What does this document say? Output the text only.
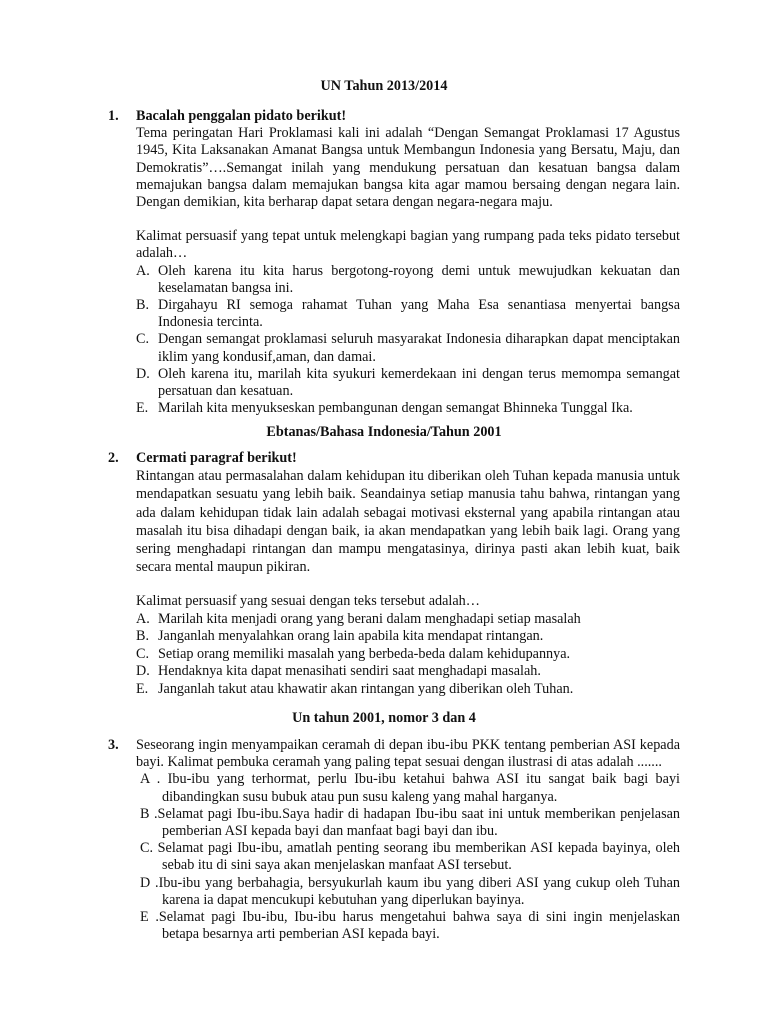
UN Tahun 2013/2014
1.	Bacalah penggalan pidato berikut!
Tema peringatan Hari Proklamasi kali ini adalah “Dengan Semangat Proklamasi 17 Agustus 1945, Kita Laksanakan Amanat Bangsa untuk Membangun Indonesia yang Bersatu, Maju, dan Demokratis”….Semangat inilah yang mendukung persatuan dan kesatuan bangsa dalam memajukan bangsa dalam memajukan bangsa kita agar mamou bersaing dengan negara lain. Dengan demikian, kita berharap dapat setara dengan negara-negara maju.
Kalimat persuasif yang tepat untuk melengkapi bagian yang rumpang pada teks pidato tersebut adalah…
A. Oleh karena itu kita harus bergotong-royong demi untuk mewujudkan kekuatan dan keselamatan bangsa ini.
B. Dirgahayu RI semoga rahamat Tuhan yang Maha Esa senantiasa menyertai bangsa Indonesia tercinta.
C. Dengan semangat proklamasi seluruh masyarakat Indonesia diharapkan dapat menciptakan iklim yang kondusif,aman, dan damai.
D. Oleh karena itu, marilah kita syukuri kemerdekaan ini dengan terus memompa semangat persatuan dan kesatuan.
E. Marilah kita menyukseskan pembangunan dengan semangat Bhinneka Tunggal Ika.
Ebtanas/Bahasa Indonesia/Tahun 2001
2.	Cermati paragraf berikut!
Rintangan atau permasalahan dalam kehidupan itu diberikan oleh Tuhan kepada manusia untuk mendapatkan sesuatu yang lebih baik. Seandainya setiap manusia tahu bahwa, rintangan yang ada dalam kehidupan tidak lain adalah sebagai motivasi eksternal yang apabila rintangan atau masalah itu bisa dihadapi dengan baik, ia akan mendapatkan yang lebih baik lagi. Orang yang sering menghadapi rintangan dan mampu mengatasinya, dirinya pasti akan lebih kuat, baik secara mental maupun pikiran.
Kalimat persuasif yang sesuai dengan teks tersebut adalah…
A. Marilah kita menjadi orang yang berani dalam menghadapi setiap masalah
B. Janganlah menyalahkan orang lain apabila kita mendapat rintangan.
C. Setiap orang memiliki masalah yang berbeda-beda dalam kehidupannya.
D. Hendaknya kita dapat menasihati sendiri saat menghadapi masalah.
E. Janganlah takut atau khawatir akan rintangan yang diberikan oleh Tuhan.
Un tahun 2001, nomor 3 dan 4
3.	Seseorang ingin menyampaikan ceramah di depan ibu-ibu PKK tentang pemberian ASI kepada bayi. Kalimat pembuka ceramah yang paling tepat sesuai dengan ilustrasi di atas adalah .......
A . Ibu-ibu yang terhormat, perlu Ibu-ibu ketahui bahwa ASI itu sangat baik bagi bayi dibandingkan susu bubuk atau pun susu kaleng yang mahal harganya.
B .Selamat pagi Ibu-ibu.Saya hadir di hadapan Ibu-ibu saat ini untuk memberikan penjelasan pemberian ASI kepada bayi dan manfaat bagi bayi dan ibu.
C. Selamat pagi Ibu-ibu, amatlah penting seorang ibu memberikan ASI kepada bayinya, oleh sebab itu di sini saya akan menjelaskan manfaat ASI tersebut.
D .Ibu-ibu yang berbahagia, bersyukurlah kaum ibu yang diberi ASI yang cukup oleh Tuhan karena ia dapat mencukupi kebutuhan yang diperlukan bayinya.
E .Selamat pagi Ibu-ibu, Ibu-ibu harus mengetahui bahwa saya di sini ingin menjelaskan betapa besarnya arti pemberian ASI kepada bayi.
